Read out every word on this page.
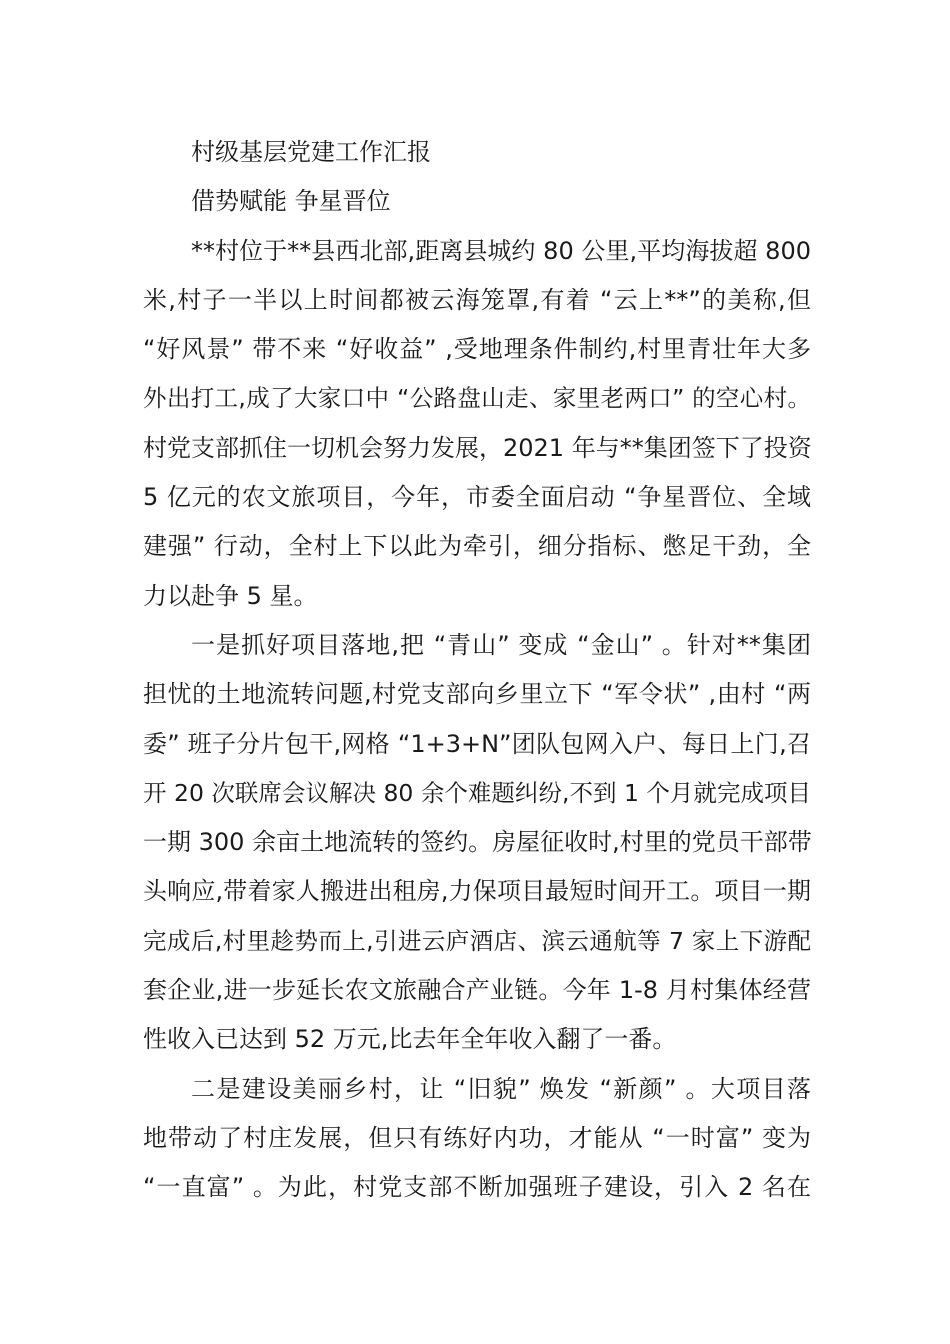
村级基层党建工作汇报
借势赋能 争星晋位

**村位于**县西北部,距离县城约 80 公里,平均海拔超 800
米,村子一半以上时间都被云海笼罩,有着 “云上**”的美称,但
“好风景” 带不来 “好收益” ,受地理条件制约,村里青壮年大多
外出打工,成了大家口中 “公路盘山走、家里老两口” 的空心村。
村党支部抓住一切机会努力发展，2021 年与**集团签下了投资
5 亿元的农文旅项目，今年，市委全面启动 “争星晋位、全域
建强” 行动，全村上下以此为牵引，细分指标、憋足干劲，全
力以赴争 5 星。

一是抓好项目落地,把 “青山” 变成 “金山” 。针对**集团
担忧的土地流转问题,村党支部向乡里立下 “军令状” ,由村 “两
委” 班子分片包干,网格 “1+3+N”团队包网入户、每日上门,召
开 20 次联席会议解决 80 余个难题纠纷,不到 1 个月就完成项目
一期 300 余亩土地流转的签约。房屋征收时,村里的党员干部带
头响应,带着家人搬进出租房,力保项目最短时间开工。项目一期
完成后,村里趁势而上,引进云庐酒店、滨云通航等 7 家上下游配
套企业,进一步延长农文旅融合产业链。今年 1-8 月村集体经营
性收入已达到 52 万元,比去年全年收入翻了一番。

二是建设美丽乡村，让 “旧貌” 焕发 “新颜” 。大项目落
地带动了村庄发展，但只有练好内功，才能从 “一时富” 变为
“一直富” 。为此，村党支部不断加强班子建设，引入 2 名在
